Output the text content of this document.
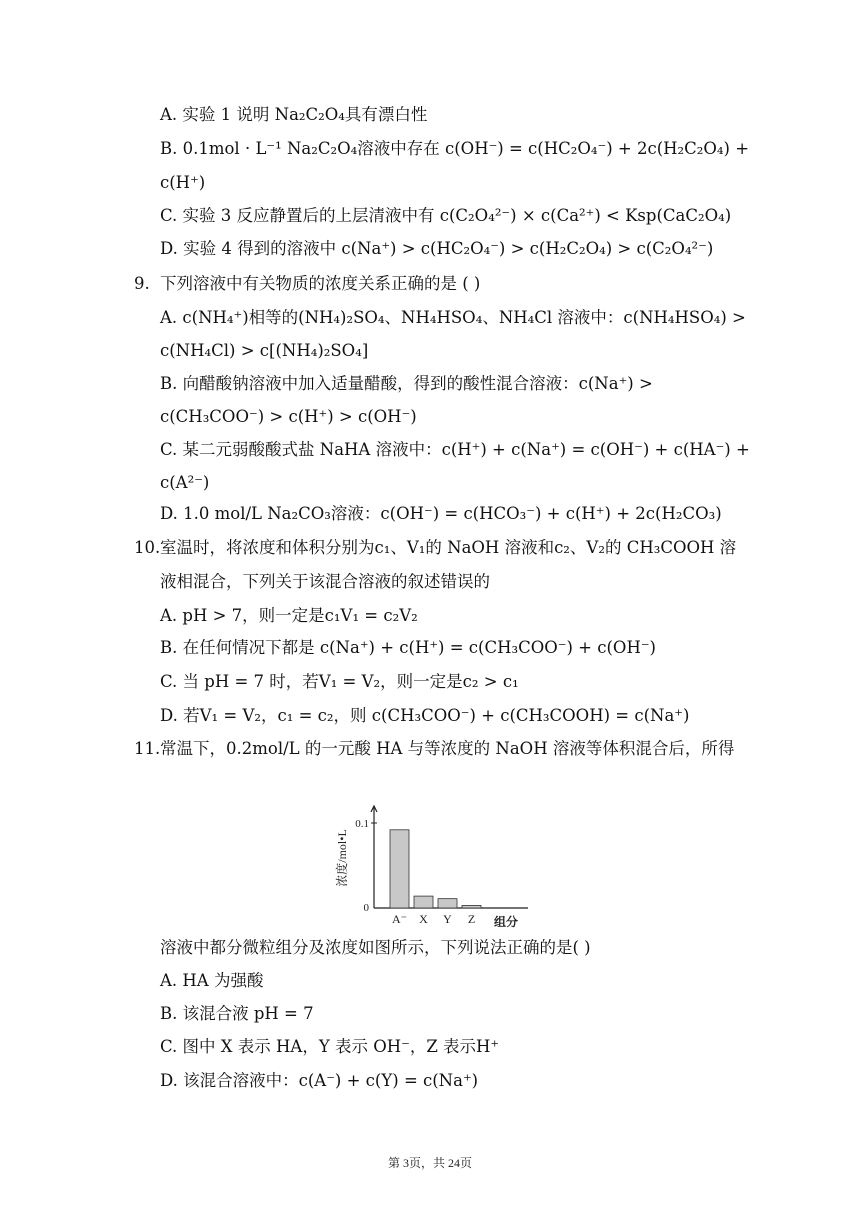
A. 实验 1 说明 Na₂C₂O₄具有漂白性
B. 0.1mol · L⁻¹ Na₂C₂O₄溶液中存在 c(OH⁻) = c(HC₂O₄⁻) + 2c(H₂C₂O₄) +
c(H⁺)
C. 实验 3 反应静置后的上层清液中有 c(C₂O₄²⁻) × c(Ca²⁺) < Ksp(CaC₂O₄)
D. 实验 4 得到的溶液中 c(Na⁺) > c(HC₂O₄⁻) > c(H₂C₂O₄) > c(C₂O₄²⁻)
9. 下列溶液中有关物质的浓度关系正确的是 ( )
A. c(NH₄⁺)相等的(NH₄)₂SO₄、NH₄HSO₄、NH₄Cl 溶液中：c(NH₄HSO₄) >
c(NH₄Cl) > c[(NH₄)₂SO₄]
B. 向醋酸钠溶液中加入适量醋酸，得到的酸性混合溶液：c(Na⁺) >
c(CH₃COO⁻) > c(H⁺) > c(OH⁻)
C. 某二元弱酸酸式盐 NaHA 溶液中：c(H⁺) + c(Na⁺) = c(OH⁻) + c(HA⁻) +
c(A²⁻)
D. 1.0 mol/L Na₂CO₃溶液：c(OH⁻) = c(HCO₃⁻) + c(H⁺) + 2c(H₂CO₃)
10. 室温时，将浓度和体积分别为c₁、V₁的 NaOH 溶液和c₂、V₂的 CH₃COOH 溶
液相混合，下列关于该混合溶液的叙述错误的
A. pH > 7，则一定是c₁V₁ = c₂V₂
B. 在任何情况下都是 c(Na⁺) + c(H⁺) = c(CH₃COO⁻) + c(OH⁻)
C. 当 pH = 7 时，若V₁ = V₂，则一定是c₂ > c₁
D. 若V₁ = V₂，c₁ = c₂，则 c(CH₃COO⁻) + c(CH₃COOH) = c(Na⁺)
11. 常温下，0.2mol/L 的一元酸 HA 与等浓度的 NaOH 溶液等体积混合后，所得
0.1
0
浓度/mol•L
A⁻ X Y Z 组分
溶液中都分微粒组分及浓度如图所示，下列说法正确的是( )
A. HA 为强酸
B. 该混合液 pH = 7
C. 图中 X 表示 HA，Y 表示 OH⁻，Z 表示H⁺
D. 该混合溶液中：c(A⁻) + c(Y) = c(Na⁺)
第 3页，共 24页
